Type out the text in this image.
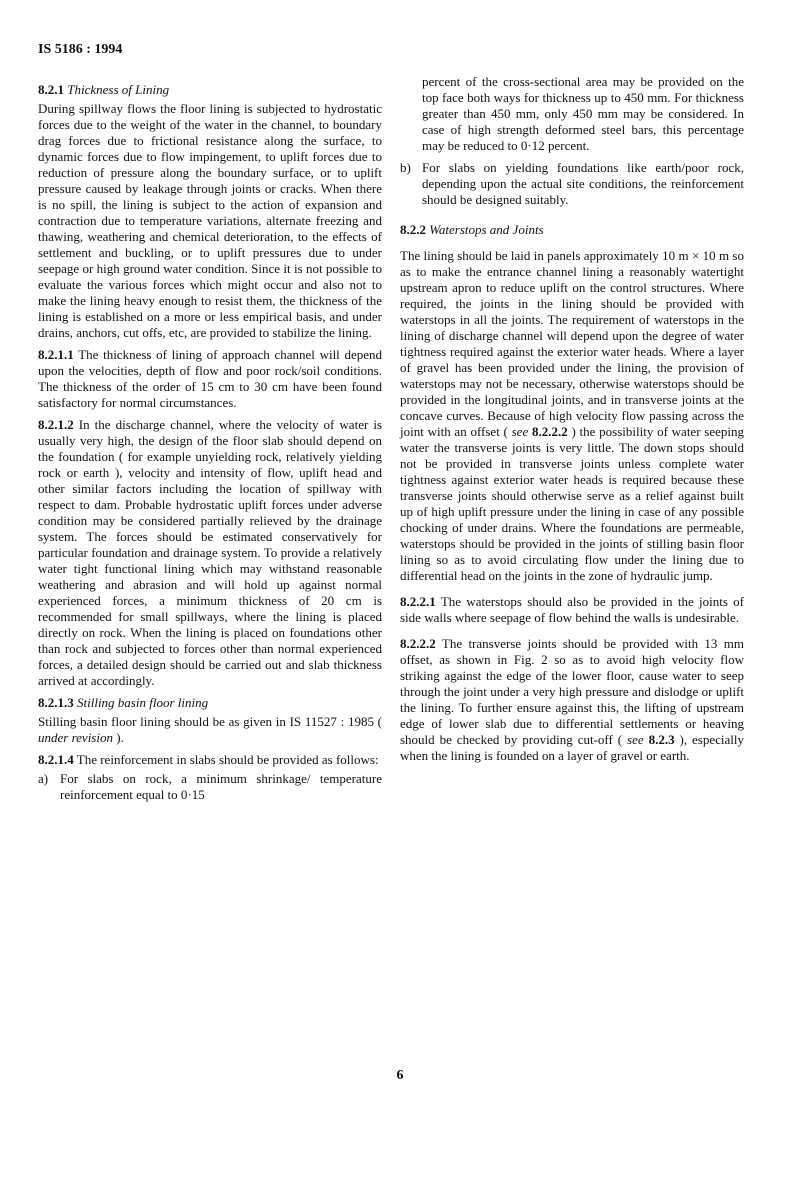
IS 5186 : 1994
8.2.1 Thickness of Lining

During spillway flows the floor lining is subjected to hydrostatic forces due to the weight of the water in the channel, to boundary drag forces due to frictional resistance along the surface, to dynamic forces due to flow impingement, to uplift forces due to reduction of pressure along the boundary surface, or to uplift pressure caused by leakage through joints or cracks. When there is no spill, the lining is subject to the action of expansion and contraction due to temperature variations, alternate freezing and thawing, weathering and chemical deterioration, to the effects of settlement and buckling, or to uplift pressures due to under seepage or high ground water condition. Since it is not possible to evaluate the various forces which might occur and also not to make the lining heavy enough to resist them, the thickness of the lining is established on a more or less empirical basis, and under drains, anchors, cut offs, etc, are provided to stabilize the lining.

8.2.1.1 The thickness of lining of approach channel will depend upon the velocities, depth of flow and poor rock/soil conditions. The thickness of the order of 15 cm to 30 cm have been found satisfactory for normal circumstances.

8.2.1.2 In the discharge channel, where the velocity of water is usually very high, the design of the floor slab should depend on the foundation ( for example unyielding rock, relatively yielding rock or earth ), velocity and intensity of flow, uplift head and other similar factors including the location of spillway with respect to dam. Probable hydrostatic uplift forces under adverse condition may be considered partially relieved by the drainage system. The forces should be estimated conservatively for particular foundation and drainage system. To provide a relatively water tight functional lining which may withstand reasonable weathering and abrasion and will hold up against normal experienced forces, a minimum thickness of 20 cm is recommended for small spillways, where the lining is placed directly on rock. When the lining is placed on foundations other than rock and subjected to forces other than normal experienced forces, a detailed design should be carried out and slab thickness arrived at accordingly.

8.2.1.3 Stilling basin floor lining

Stilling basin floor lining should be as given in IS 11527 : 1985 ( under revision ).

8.2.1.4 The reinforcement in slabs should be provided as follows:

a) For slabs on rock, a minimum shrinkage/ temperature reinforcement equal to 0·15

percent of the cross-sectional area may be provided on the top face both ways for thickness up to 450 mm. For thickness greater than 450 mm, only 450 mm may be considered. In case of high strength deformed steel bars, this percentage may be reduced to 0·12 percent.

b) For slabs on yielding foundations like earth/poor rock, depending upon the actual site conditions, the reinforcement should be designed suitably.
8.2.2 Waterstops and Joints

The lining should be laid in panels approximately 10 m × 10 m so as to make the entrance channel lining a reasonably watertight upstream apron to reduce uplift on the control structures. Where required, the joints in the lining should be provided with waterstops in all the joints. The requirement of waterstops in the lining of discharge channel will depend upon the degree of water tightness required against the exterior water heads. Where a layer of gravel has been provided under the lining, the provision of waterstops may not be necessary, otherwise waterstops should be provided in the longitudinal joints, and in transverse joints at the concave curves. Because of high velocity flow passing across the joint with an offset ( see 8.2.2.2 ) the possibility of water seeping water the transverse joints is very little. The down stops should not be provided in transverse joints unless complete water tightness against exterior water heads is required because these transverse joints should otherwise serve as a relief against built up of high uplift pressure under the lining in case of any possible chocking of under drains. Where the foundations are permeable, waterstops should be provided in the joints of stilling basin floor lining so as to avoid circulating flow under the lining due to differential head on the joints in the zone of hydraulic jump.

8.2.2.1 The waterstops should also be provided in the joints of side walls where seepage of flow behind the walls is undesirable.

8.2.2.2 The transverse joints should be provided with 13 mm offset, as shown in Fig. 2 so as to avoid high velocity flow striking against the edge of the lower floor, cause water to seep through the joint under a very high pressure and dislodge or uplift the lining. To further ensure against this, the lifting of upstream edge of lower slab due to differential settlements or heaving should be checked by providing cut-off ( see 8.2.3 ), especially when the lining is founded on a layer of gravel or earth.

6
